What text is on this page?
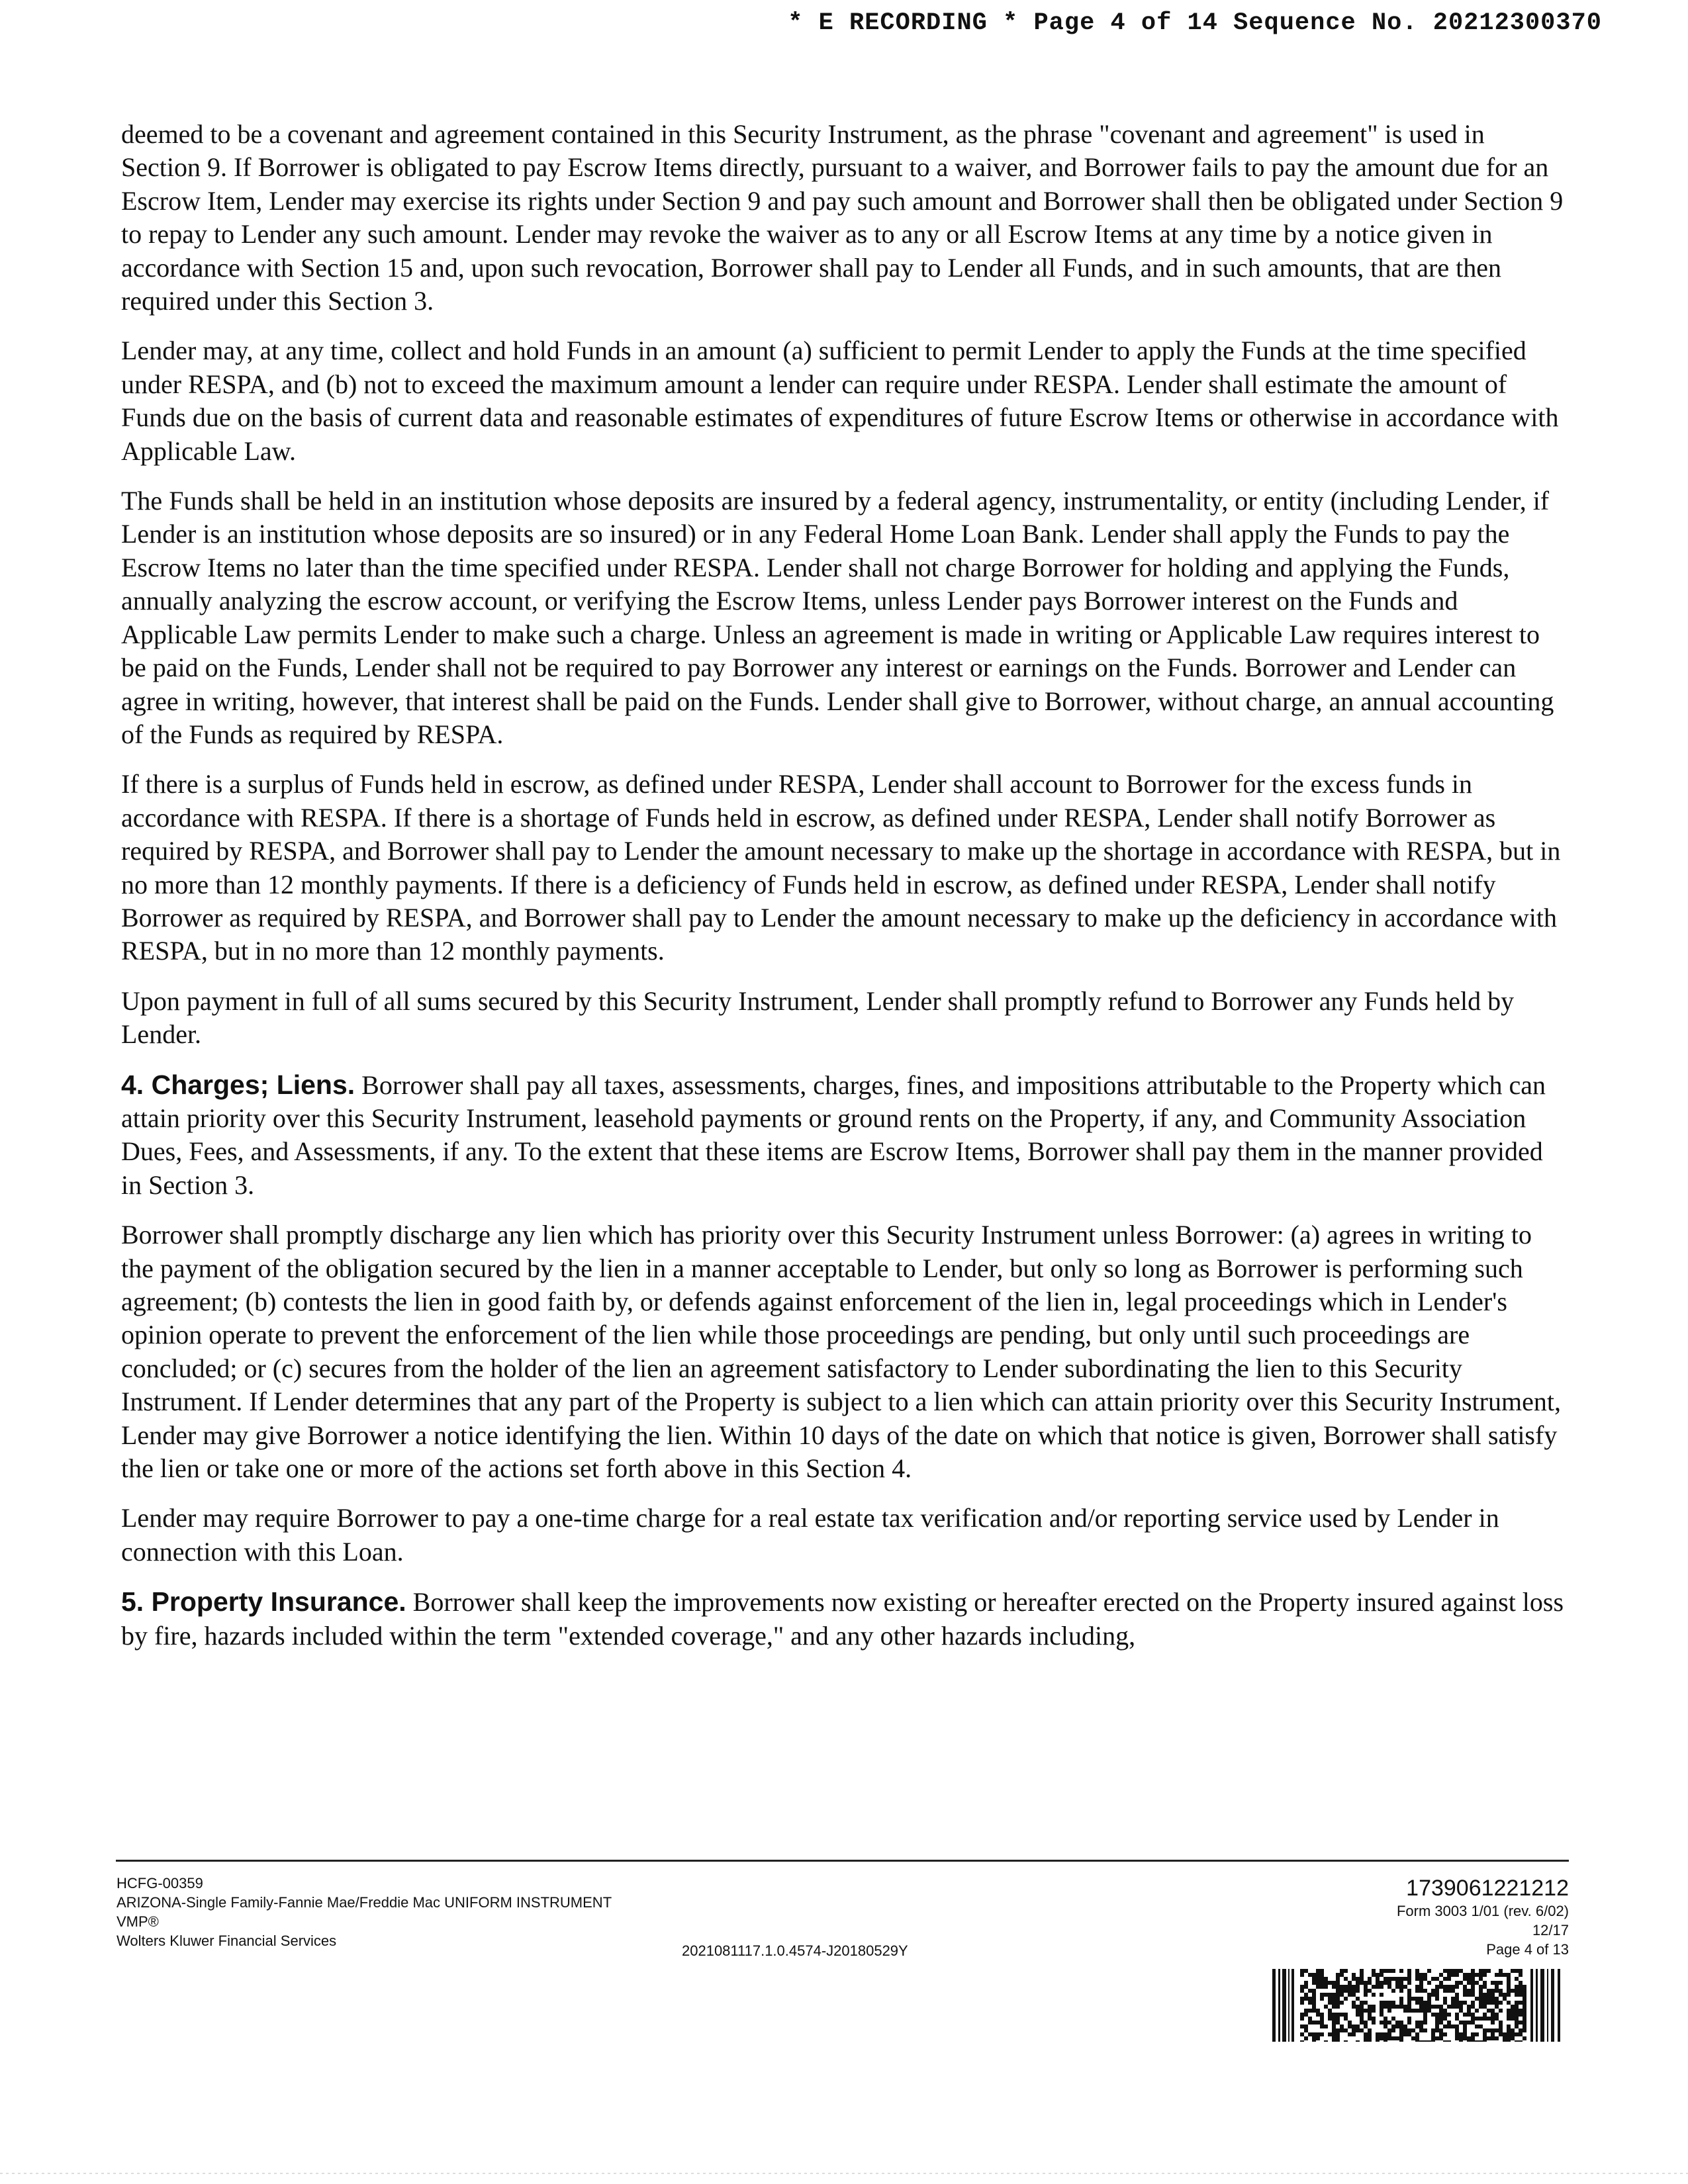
* E RECORDING * Page 4 of 14 Sequence No. 20212300370

deemed to be a covenant and agreement contained in this Security Instrument, as the phrase "covenant and agreement" is used in Section 9. If Borrower is obligated to pay Escrow Items directly, pursuant to a waiver, and Borrower fails to pay the amount due for an Escrow Item, Lender may exercise its rights under Section 9 and pay such amount and Borrower shall then be obligated under Section 9 to repay to Lender any such amount. Lender may revoke the waiver as to any or all Escrow Items at any time by a notice given in accordance with Section 15 and, upon such revocation, Borrower shall pay to Lender all Funds, and in such amounts, that are then required under this Section 3.

Lender may, at any time, collect and hold Funds in an amount (a) sufficient to permit Lender to apply the Funds at the time specified under RESPA, and (b) not to exceed the maximum amount a lender can require under RESPA. Lender shall estimate the amount of Funds due on the basis of current data and reasonable estimates of expenditures of future Escrow Items or otherwise in accordance with Applicable Law.

The Funds shall be held in an institution whose deposits are insured by a federal agency, instrumentality, or entity (including Lender, if Lender is an institution whose deposits are so insured) or in any Federal Home Loan Bank. Lender shall apply the Funds to pay the Escrow Items no later than the time specified under RESPA. Lender shall not charge Borrower for holding and applying the Funds, annually analyzing the escrow account, or verifying the Escrow Items, unless Lender pays Borrower interest on the Funds and Applicable Law permits Lender to make such a charge. Unless an agreement is made in writing or Applicable Law requires interest to be paid on the Funds, Lender shall not be required to pay Borrower any interest or earnings on the Funds. Borrower and Lender can agree in writing, however, that interest shall be paid on the Funds. Lender shall give to Borrower, without charge, an annual accounting of the Funds as required by RESPA.

If there is a surplus of Funds held in escrow, as defined under RESPA, Lender shall account to Borrower for the excess funds in accordance with RESPA. If there is a shortage of Funds held in escrow, as defined under RESPA, Lender shall notify Borrower as required by RESPA, and Borrower shall pay to Lender the amount necessary to make up the shortage in accordance with RESPA, but in no more than 12 monthly payments. If there is a deficiency of Funds held in escrow, as defined under RESPA, Lender shall notify Borrower as required by RESPA, and Borrower shall pay to Lender the amount necessary to make up the deficiency in accordance with RESPA, but in no more than 12 monthly payments.

Upon payment in full of all sums secured by this Security Instrument, Lender shall promptly refund to Borrower any Funds held by Lender.

4. Charges; Liens. Borrower shall pay all taxes, assessments, charges, fines, and impositions attributable to the Property which can attain priority over this Security Instrument, leasehold payments or ground rents on the Property, if any, and Community Association Dues, Fees, and Assessments, if any. To the extent that these items are Escrow Items, Borrower shall pay them in the manner provided in Section 3.

Borrower shall promptly discharge any lien which has priority over this Security Instrument unless Borrower: (a) agrees in writing to the payment of the obligation secured by the lien in a manner acceptable to Lender, but only so long as Borrower is performing such agreement; (b) contests the lien in good faith by, or defends against enforcement of the lien in, legal proceedings which in Lender's opinion operate to prevent the enforcement of the lien while those proceedings are pending, but only until such proceedings are concluded; or (c) secures from the holder of the lien an agreement satisfactory to Lender subordinating the lien to this Security Instrument. If Lender determines that any part of the Property is subject to a lien which can attain priority over this Security Instrument, Lender may give Borrower a notice identifying the lien. Within 10 days of the date on which that notice is given, Borrower shall satisfy the lien or take one or more of the actions set forth above in this Section 4.

Lender may require Borrower to pay a one-time charge for a real estate tax verification and/or reporting service used by Lender in connection with this Loan.

5. Property Insurance. Borrower shall keep the improvements now existing or hereafter erected on the Property insured against loss by fire, hazards included within the term "extended coverage," and any other hazards including,

HCFG-00359
ARIZONA-Single Family-Fannie Mae/Freddie Mac UNIFORM INSTRUMENT
VMP®
Wolters Kluwer Financial Services
2021081117.1.0.4574-J20180529Y
1739061221212
Form 3003 1/01 (rev. 6/02)
12/17
Page 4 of 13
